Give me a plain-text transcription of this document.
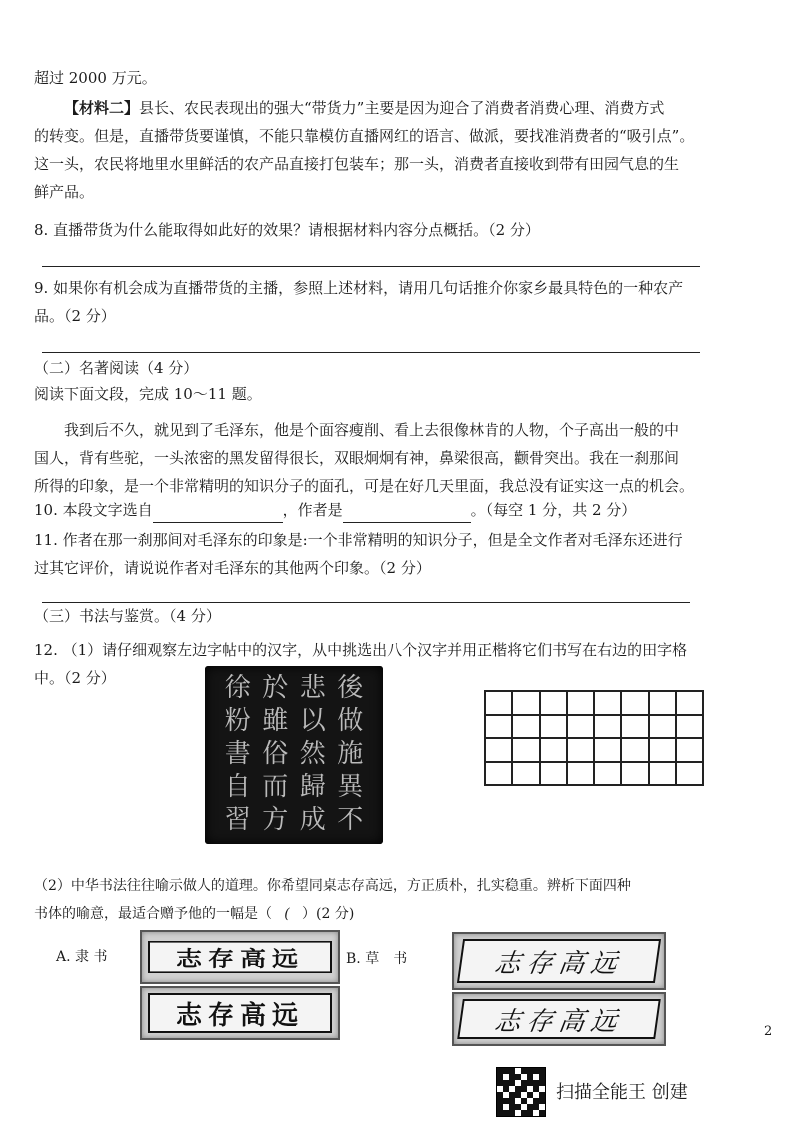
超过 2000 万元。
【材料二】县长、农民表现出的强大“带货力”主要是因为迎合了消费者消费心理、消费方式
的转变。但是，直播带货要谨慎，不能只靠模仿直播网红的语言、做派，要找准消费者的“吸引点”。
这一头，农民将地里水里鲜活的农产品直接打包装车；那一头，消费者直接收到带有田园气息的生
鲜产品。
8. 直播带货为什么能取得如此好的效果？请根据材料内容分点概括。（2 分）
9. 如果你有机会成为直播带货的主播，参照上述材料，请用几句话推介你家乡最具特色的一种农产
品。（2 分）
（二）名著阅读（4 分）
阅读下面文段，完成 10～11 题。
我到后不久，就见到了毛泽东，他是个面容瘦削、看上去很像林肯的人物，个子高出一般的中
国人，背有些驼，一头浓密的黑发留得很长，双眼炯炯有神，鼻梁很高，颧骨突出。我在一刹那间
所得的印象，是一个非常精明的知识分子的面孔，可是在好几天里面，我总没有证实这一点的机会。
10. 本段文字选自	，作者是	。（每空 1 分，共 2 分）
11. 作者在那一刹那间对毛泽东的印象是:一个非常精明的知识分子，但是全文作者对毛泽东还进行
过其它评价，请说说作者对毛泽东的其他两个印象。（2 分）
（三）书法与鉴赏。（4 分）
12. （1）请仔细观察左边字帖中的汉字，从中挑选出八个汉字并用正楷将它们书写在右边的田字格
中。（2 分）	徐 於 悲 後
粉 雖 以 做
書 俗 然 施
自 而 歸 異
習 方 成 不
（2）中华书法往往喻示做人的道理。你希望同桌志存高远，方正质朴，扎实稳重。辨析下面四种
书体的喻意，最适合赠予他的一幅是（ ( ）(2 分)
A. 隶 书	B. 草　书
志存高远
志存高远
志存高远
志存高远
志
2
扫描全能王 创建
